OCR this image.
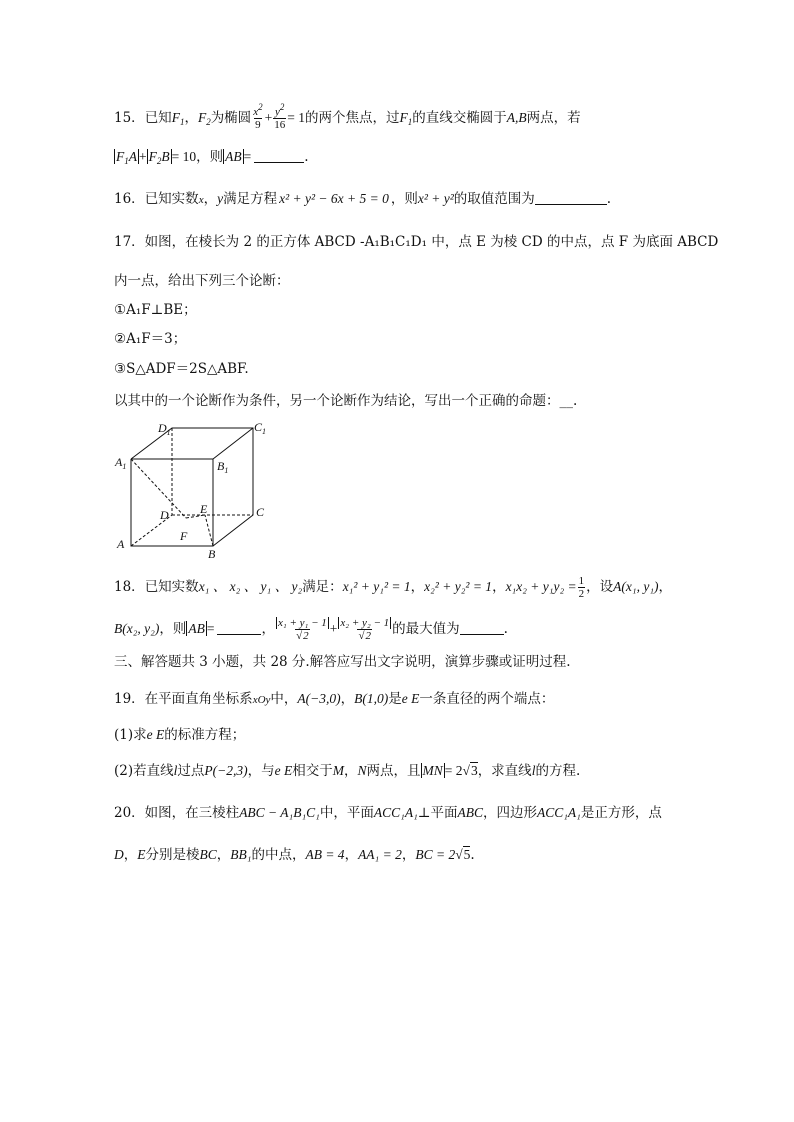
15．已知$F_1$，$F_2$为椭圆 $\frac{x^2}{9} + \frac{y^2}{16} = 1$的两个焦点，过$F_1$的直线交椭圆于A,B两点，若
$F_1A + F_2B = 10$，则 AB =	.
16．已知实数x，y满足方程 x² + y² − 6x + 5 = 0 ，则x² + y²的取值范围为	.
17．如图，在棱长为 2 的正方体 ABCD -A₁B₁C₁D₁ 中，点 E 为棱 CD 的中点，点 F 为底面 ABCD
内一点，给出下列三个论断：
①A₁F⊥BE；
②A₁F＝3；
③S△ADF＝2S△ABF.
以其中的一个论断作为条件，另一个论断作为结论，写出一个正确的命题：__.
$D_1$	$C_1$
$A_1$	$B_1$
D	E	C
F
A
B
18．已知实数x₁ 、 x₂ 、 y₁ 、 y₂满足：x₁² + y₁² = 1，x₂² + y₂² = 1，$x_1x_2 + y_1y_2 = \frac{1}{2}$ ，设A(x₁, y₁)，
B(x₂, y₂)，则 AB =	， $\frac{\text{x₁ + y₁ − 1}}{√2} + \frac{\text{x₂ + y₂ − 1}}{√2}$ 的最大值为	.
三、解答题共 3 小题，共 28 分.解答应写出文字说明，演算步骤或证明过程.
19．在平面直角坐标系xOy中，A(−3,0)，B(1,0)是e E一条直径的两个端点：
(1)求e E的标准方程；
(2)若直线l过点P(−2,3)，与e E相交于M，N两点，且 MN = 2√3，求直线l的方程.
20．如图，在三棱柱ABC − A₁B₁C₁中，平面ACC₁A₁⊥平面ABC，四边形ACC₁A₁是正方形，点
D，E分别是棱BC，BB₁的中点，AB = 4，AA₁ = 2，BC = 2√5.
